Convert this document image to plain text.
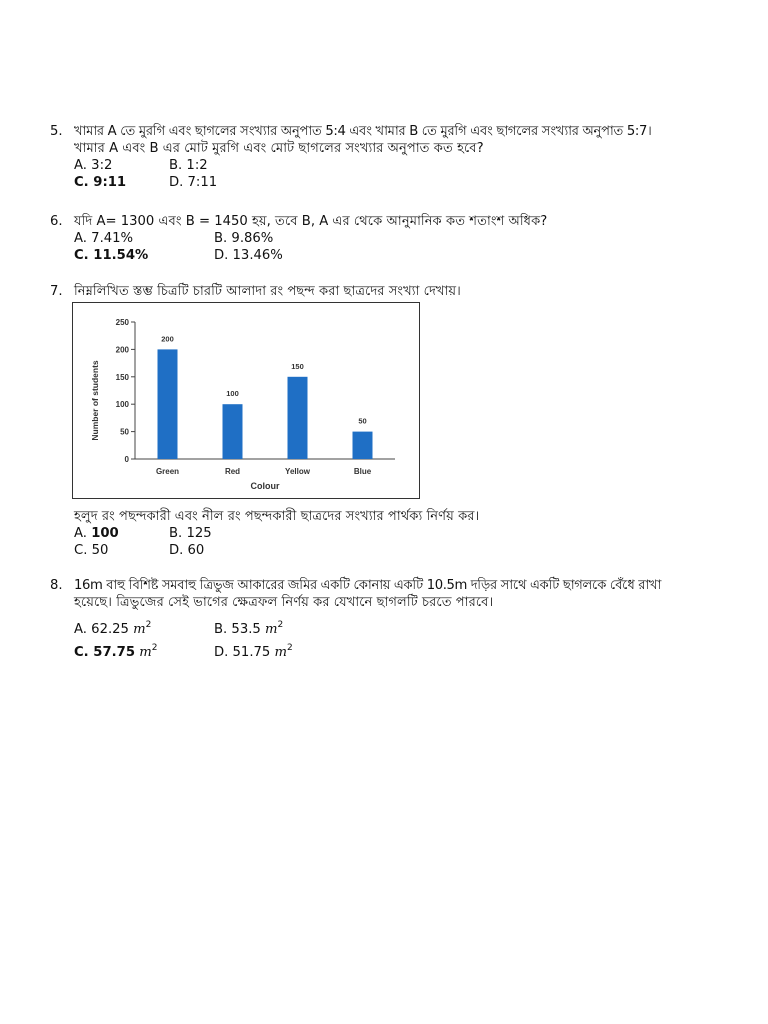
5. খামার A তে মুরগি এবং ছাগলের সংখ্যার অনুপাত 5:4 এবং খামার B তে মুরগি এবং ছাগলের সংখ্যার অনুপাত 5:7।
খামার A এবং B এর মোট মুরগি এবং মোট ছাগলের সংখ্যার অনুপাত কত হবে?
A. 3:2	B. 1:2
C. 9:11	D. 7:11
6. যদি A= 1300 এবং B = 1450 হয়, তবে B, A এর থেকে আনুমানিক কত শতাংশ অধিক?
A. 7.41%	B. 9.86%
C. 11.54%	D. 13.46%
7. নিম্নলিখিত স্তম্ভ চিত্রটি চারটি আলাদা রং পছন্দ করা ছাত্রদের সংখ্যা দেখায়।
0
50
100
150
200
250
200
Green
100
Red
150
Yellow
50
Blue
Colour
Number of students
হলুদ রং পছন্দকারী এবং নীল রং পছন্দকারী ছাত্রদের সংখ্যার পার্থক্য নির্ণয় কর।
A. 100	B. 125
C. 50	D. 60
8. 16m বাহু বিশিষ্ট সমবাহু ত্রিভুজ আকারের জমির একটি কোনায় একটি 10.5m দড়ির সাথে একটি ছাগলকে বেঁধে রাখা
হয়েছে। ত্রিভুজের সেই ভাগের ক্ষেত্রফল নির্ণয় কর যেখানে ছাগলটি চরতে পারবে।
A. 62.25 $m^2$	B. 53.5 $m^2$
C. 57.75 $m^2$	D. 51.75 $m^2$
